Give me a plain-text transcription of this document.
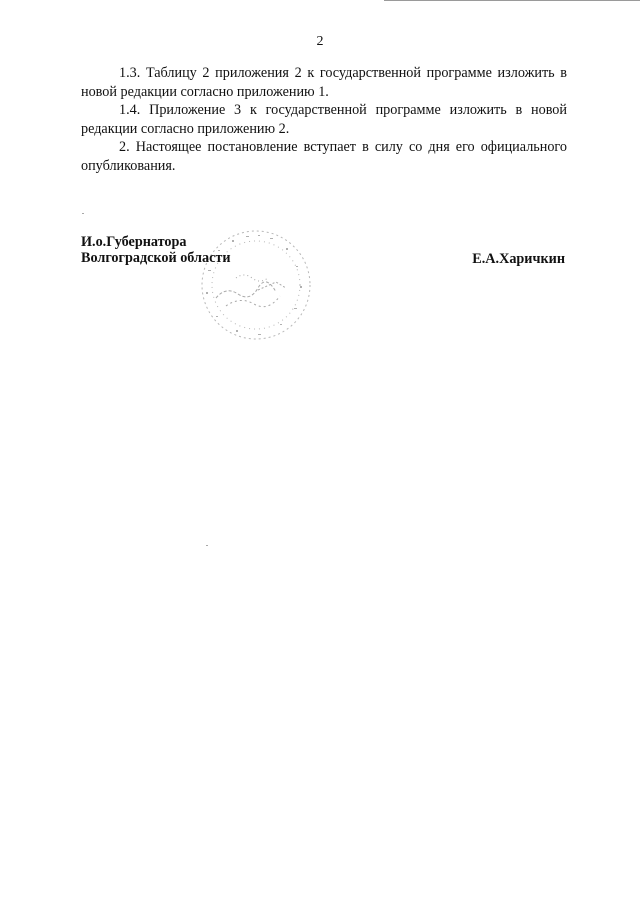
2

1.3. Таблицу 2 приложения 2 к государственной программе изложить в новой редакции согласно приложению 1.

1.4. Приложение 3 к государственной программе изложить в новой редакции согласно приложению 2.

2. Настоящее постановление вступает в силу со дня его официального опубликования.

И.о.Губернатора
Волгоградской области	Е.А.Харичкин
